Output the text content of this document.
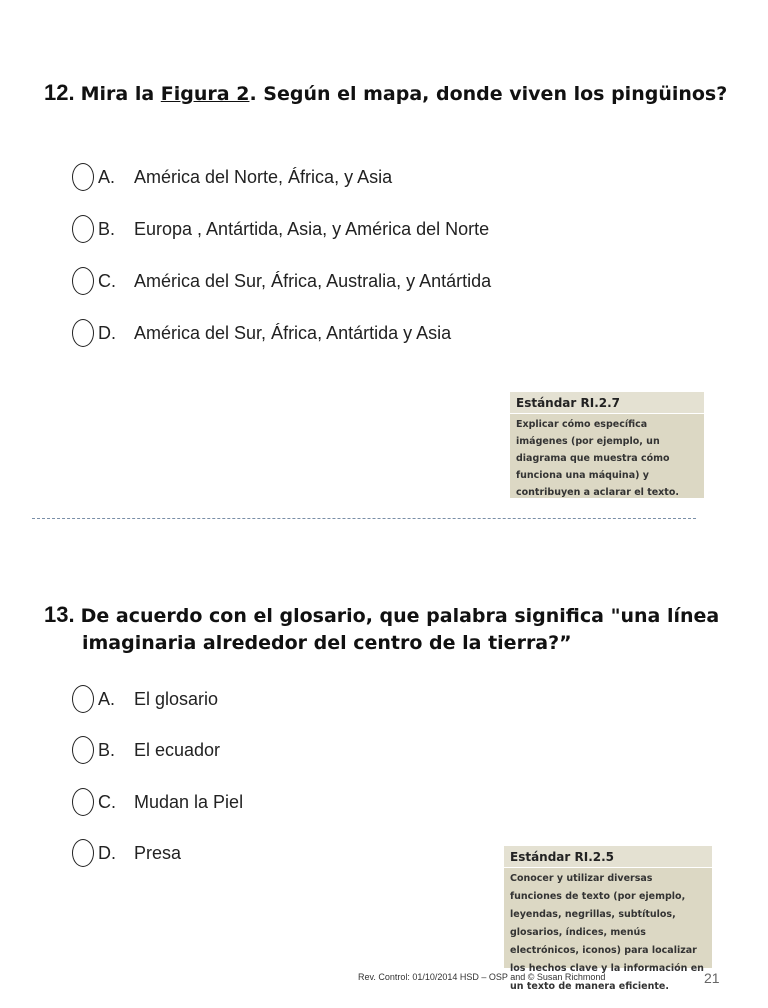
12. Mira la Figura 2. Según el mapa, donde viven los pingüinos?
A.	América del Norte, África, y Asia
B.	Europa , Antártida, Asia, y América del Norte
C.	América del Sur, África, Australia, y Antártida
D.	América del Sur, África, Antártida y Asia
Estándar RI.2.7
Explicar cómo específica imágenes (por ejemplo, un diagrama que muestra cómo funciona una máquina) y contribuyen a aclarar el texto.
13. De acuerdo con el glosario, que palabra significa "una línea
imaginaria alrededor del centro de la tierra?”
A.	El glosario
B.	El ecuador
C.	Mudan la Piel
D.	Presa	Estándar RI.2.5
Conocer y utilizar diversas funciones de texto (por ejemplo, leyendas, negrillas, subtítulos, glosarios, índices, menús electrónicos, iconos) para localizar los hechos clave y la información en un texto de manera eficiente.
Rev. Control: 01/10/2014 HSD – OSP and © Susan Richmond	21
